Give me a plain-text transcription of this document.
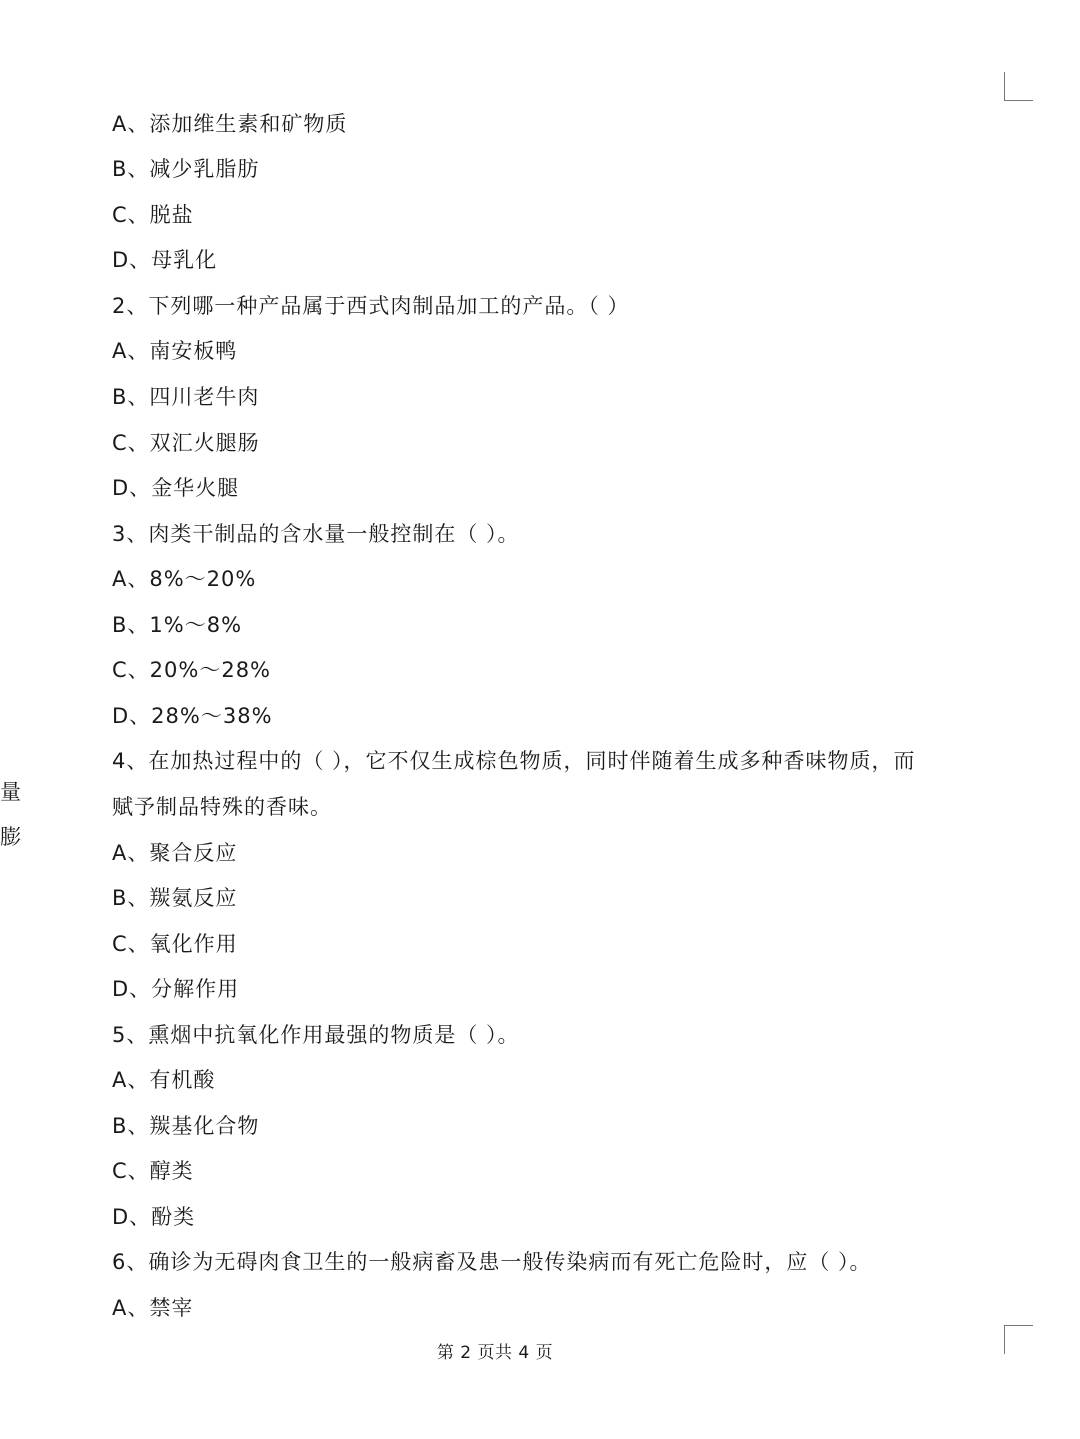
A、添加维生素和矿物质
B、减少乳脂肪
C、脱盐
D、母乳化
2、下列哪一种产品属于西式肉制品加工的产品。（ ）
A、南安板鸭
B、四川老牛肉
C、双汇火腿肠
D、金华火腿
3、肉类干制品的含水量一般控制在（ ）。
A、8%～20%
B、1%～8%
C、20%～28%
D、28%～38%
4、在加热过程中的（ ），它不仅生成棕色物质，同时伴随着生成多种香味物质，而
赋予制品特殊的香味。
A、聚合反应
B、羰氨反应
C、氧化作用
D、分解作用
5、熏烟中抗氧化作用最强的物质是（ ）。
A、有机酸
B、羰基化合物
C、醇类
D、酚类
6、确诊为无碍肉食卫生的一般病畜及患一般传染病而有死亡危险时，应（ ）。
A、禁宰
量
膨
第 2 页共 4 页
